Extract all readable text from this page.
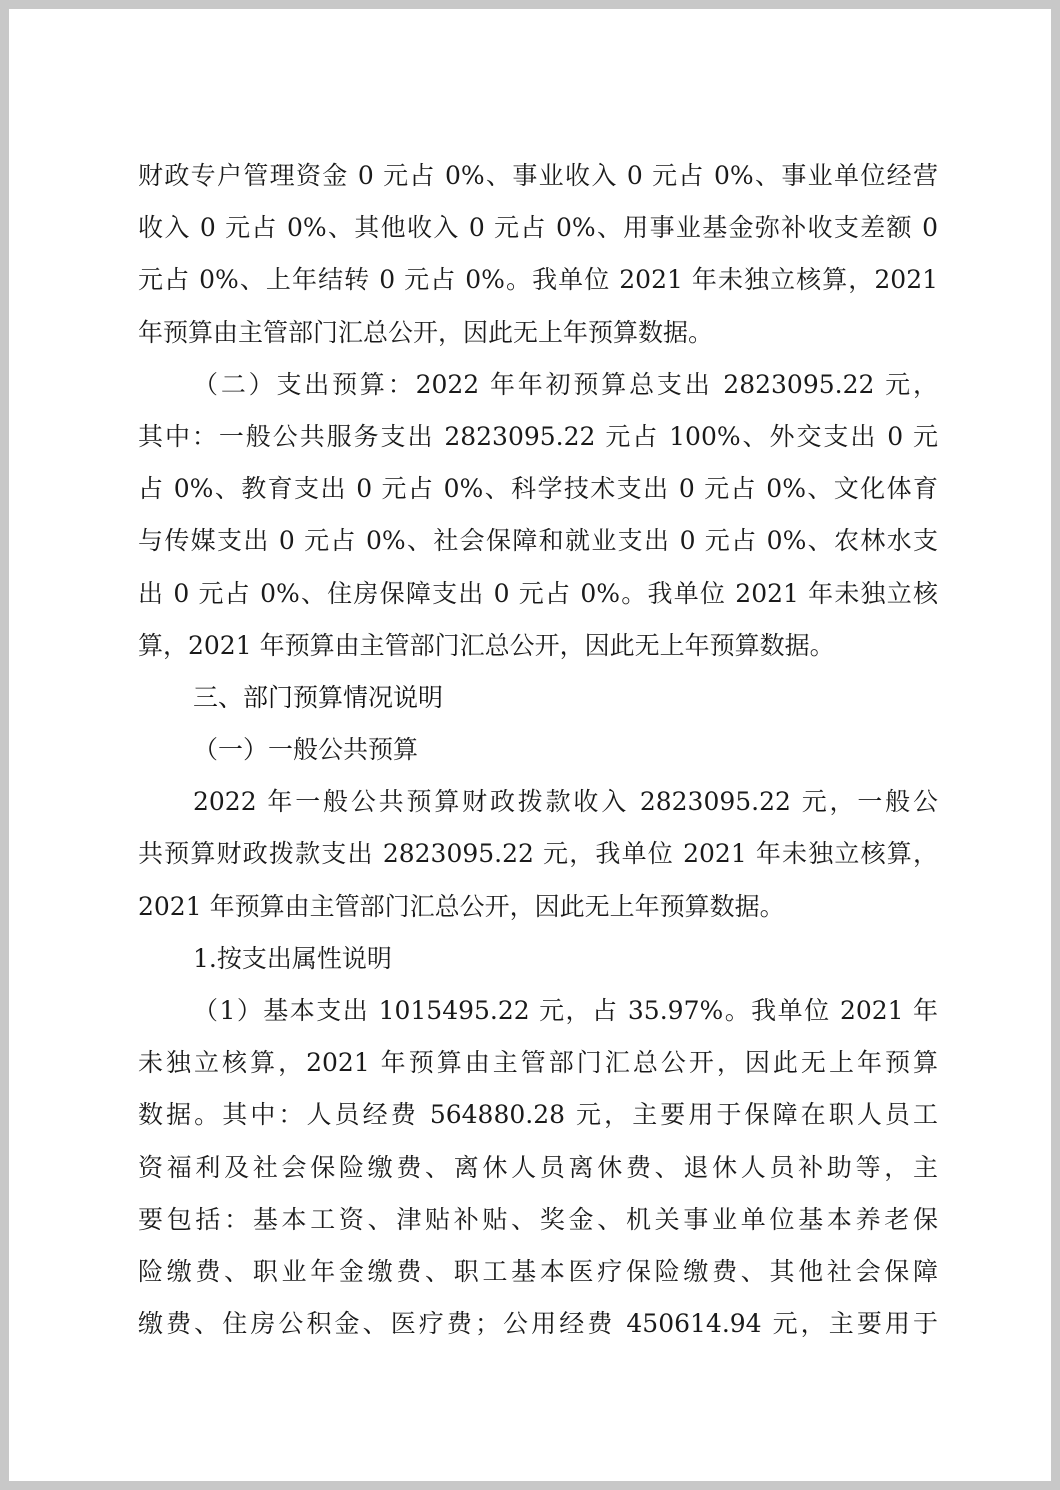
财政专户管理资金 0 元占 0%、事业收入 0 元占 0%、事业单位经营
收入 0 元占 0%、其他收入 0 元占 0%、用事业基金弥补收支差额 0
元占 0%、上年结转 0 元占 0%。我单位 2021 年未独立核算，2021
年预算由主管部门汇总公开，因此无上年预算数据。
（二）支出预算：2022 年年初预算总支出 2823095.22 元，
其中：一般公共服务支出 2823095.22 元占 100%、外交支出 0 元
占 0%、教育支出 0 元占 0%、科学技术支出 0 元占 0%、文化体育
与传媒支出 0 元占 0%、社会保障和就业支出 0 元占 0%、农林水支
出 0 元占 0%、住房保障支出 0 元占 0%。我单位 2021 年未独立核
算，2021 年预算由主管部门汇总公开，因此无上年预算数据。
三、部门预算情况说明
（一）一般公共预算
2022 年一般公共预算财政拨款收入 2823095.22 元，一般公
共预算财政拨款支出 2823095.22 元，我单位 2021 年未独立核算，
2021 年预算由主管部门汇总公开，因此无上年预算数据。
1.按支出属性说明
（1）基本支出 1015495.22 元，占 35.97%。我单位 2021 年
未独立核算，2021 年预算由主管部门汇总公开，因此无上年预算
数据。其中：人员经费 564880.28 元，主要用于保障在职人员工
资福利及社会保险缴费、离休人员离休费、退休人员补助等，主
要包括：基本工资、津贴补贴、奖金、机关事业单位基本养老保
险缴费、职业年金缴费、职工基本医疗保险缴费、其他社会保障
缴费、住房公积金、医疗费；公用经费 450614.94 元，主要用于
